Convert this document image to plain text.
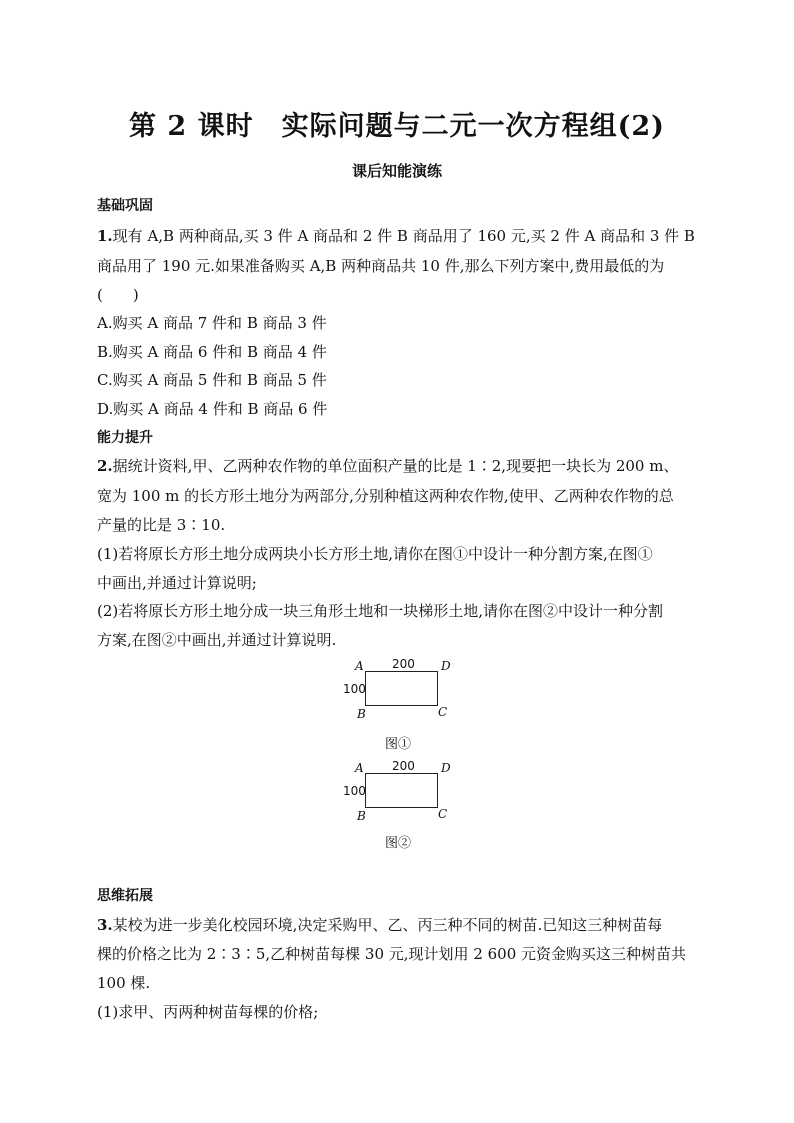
第 2 课时　实际问题与二元一次方程组(2)
课后知能演练
基础巩固
1.现有 A,B 两种商品,买 3 件 A 商品和 2 件 B 商品用了 160 元,买 2 件 A 商品和 3 件 B
商品用了 190 元.如果准备购买 A,B 两种商品共 10 件,那么下列方案中,费用最低的为
(　　)
A.购买 A 商品 7 件和 B 商品 3 件
B.购买 A 商品 6 件和 B 商品 4 件
C.购买 A 商品 5 件和 B 商品 5 件
D.购买 A 商品 4 件和 B 商品 6 件
能力提升
2.据统计资料,甲、乙两种农作物的单位面积产量的比是 1∶2,现要把一块长为 200 m、
宽为 100 m 的长方形土地分为两部分,分别种植这两种农作物,使甲、乙两种农作物的总
产量的比是 3∶10.
(1)若将原长方形土地分成两块小长方形土地,请你在图①中设计一种分割方案,在图①
中画出,并通过计算说明;
(2)若将原长方形土地分成一块三角形土地和一块梯形土地,请你在图②中设计一种分割
方案,在图②中画出,并通过计算说明.
A 200 D
100
B	C
图①
A 200 D
100
B	C
图②
思维拓展
3.某校为进一步美化校园环境,决定采购甲、乙、丙三种不同的树苗.已知这三种树苗每
棵的价格之比为 2∶3∶5,乙种树苗每棵 30 元,现计划用 2 600 元资金购买这三种树苗共
100 棵.
(1)求甲、丙两种树苗每棵的价格;
